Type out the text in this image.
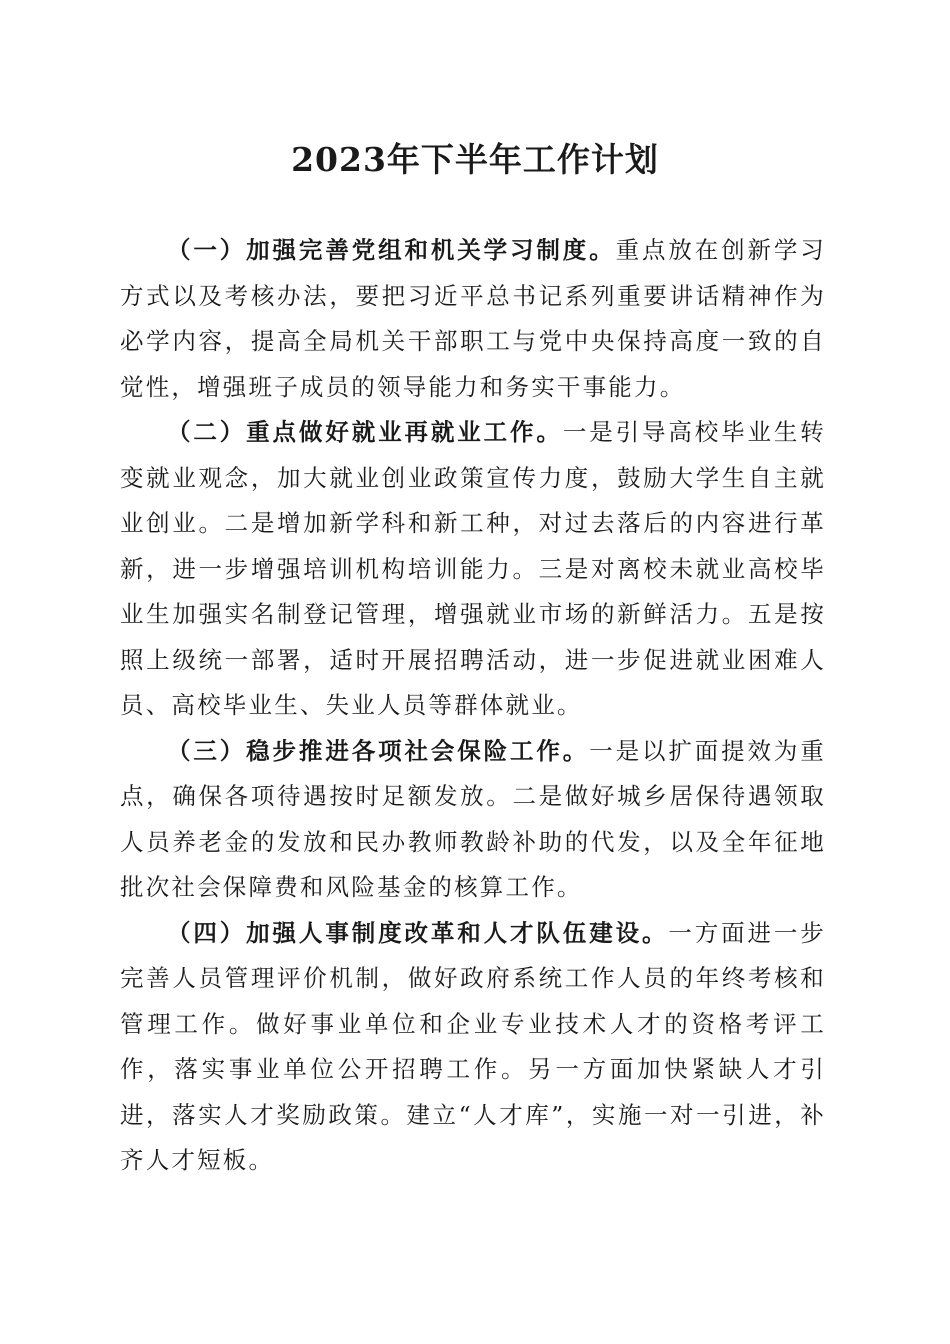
2023年下半年工作计划

（一）加强完善党组和机关学习制度。重点放在创新学习方式以及考核办法，要把习近平总书记系列重要讲话精神作为必学内容，提高全局机关干部职工与党中央保持高度一致的自觉性，增强班子成员的领导能力和务实干事能力。

（二）重点做好就业再就业工作。一是引导高校毕业生转变就业观念，加大就业创业政策宣传力度，鼓励大学生自主就业创业。二是增加新学科和新工种，对过去落后的内容进行革新，进一步增强培训机构培训能力。三是对离校未就业高校毕业生加强实名制登记管理，增强就业市场的新鲜活力。五是按照上级统一部署，适时开展招聘活动，进一步促进就业困难人员、高校毕业生、失业人员等群体就业。

（三）稳步推进各项社会保险工作。一是以扩面提效为重点，确保各项待遇按时足额发放。二是做好城乡居保待遇领取人员养老金的发放和民办教师教龄补助的代发，以及全年征地批次社会保障费和风险基金的核算工作。

（四）加强人事制度改革和人才队伍建设。一方面进一步完善人员管理评价机制，做好政府系统工作人员的年终考核和管理工作。做好事业单位和企业专业技术人才的资格考评工作，落实事业单位公开招聘工作。另一方面加快紧缺人才引进，落实人才奖励政策。建立“人才库”，实施一对一引进，补齐人才短板。
